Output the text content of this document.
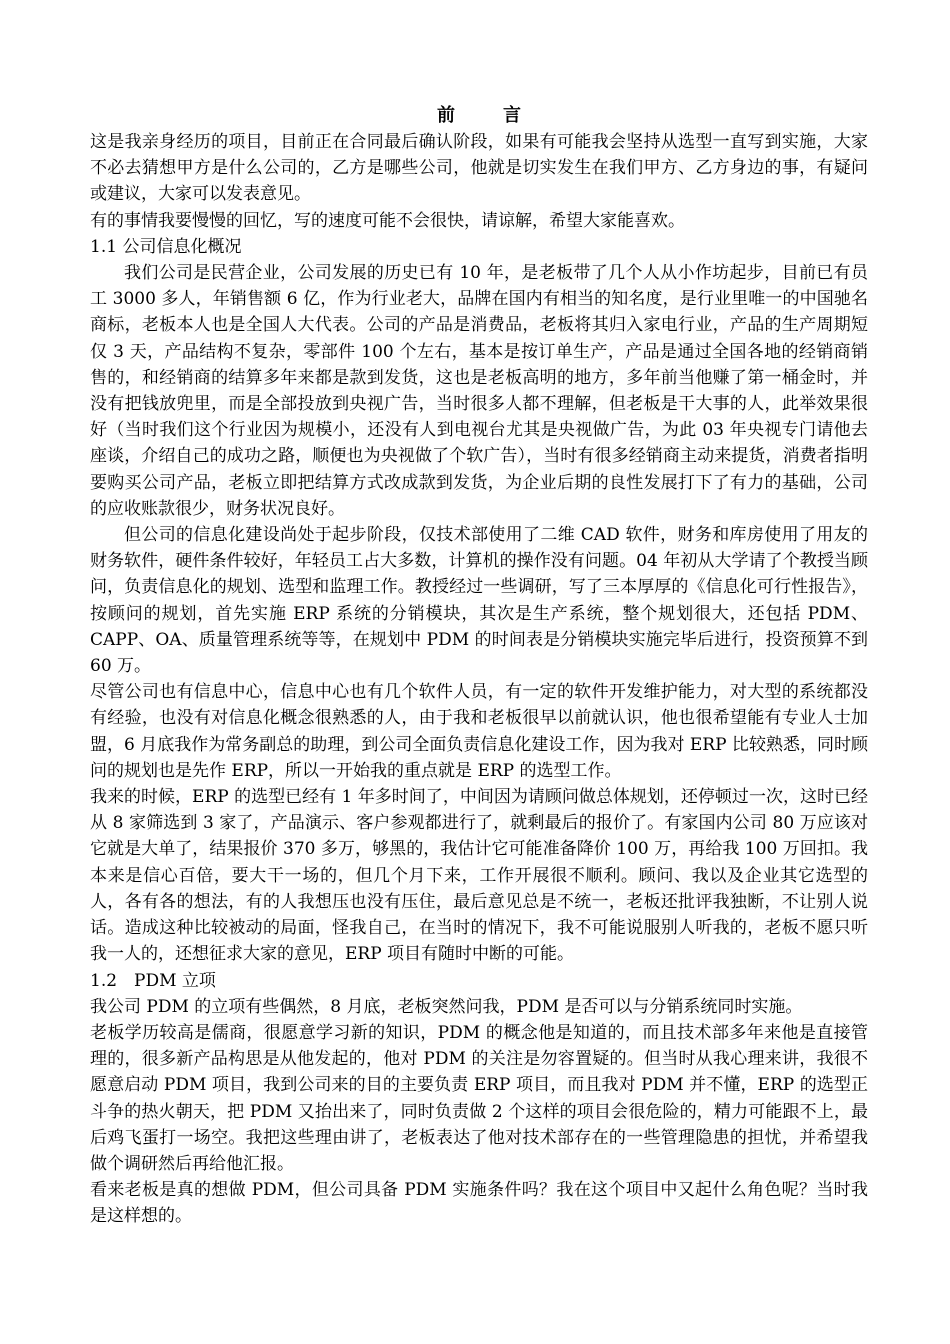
前言

这是我亲身经历的项目，目前正在合同最后确认阶段，如果有可能我会坚持从选型一直写到实施，大家不必去猜想甲方是什么公司的，乙方是哪些公司，他就是切实发生在我们甲方、乙方身边的事，有疑问或建议，大家可以发表意见。

有的事情我要慢慢的回忆，写的速度可能不会很快，请谅解，希望大家能喜欢。

1.1 公司信息化概况

我们公司是民营企业，公司发展的历史已有 10 年，是老板带了几个人从小作坊起步，目前已有员工 3000 多人，年销售额 6 亿，作为行业老大，品牌在国内有相当的知名度，是行业里唯一的中国驰名商标，老板本人也是全国人大代表。公司的产品是消费品，老板将其归入家电行业，产品的生产周期短仅 3 天，产品结构不复杂，零部件 100 个左右，基本是按订单生产，产品是通过全国各地的经销商销售的，和经销商的结算多年来都是款到发货，这也是老板高明的地方，多年前当他赚了第一桶金时，并没有把钱放兜里，而是全部投放到央视广告，当时很多人都不理解，但老板是干大事的人，此举效果很好（当时我们这个行业因为规模小，还没有人到电视台尤其是央视做广告，为此 03 年央视专门请他去座谈，介绍自己的成功之路，顺便也为央视做了个软广告），当时有很多经销商主动来提货，消费者指明要购买公司产品，老板立即把结算方式改成款到发货，为企业后期的良性发展打下了有力的基础，公司的应收账款很少，财务状况良好。

但公司的信息化建设尚处于起步阶段，仅技术部使用了二维 CAD 软件，财务和库房使用了用友的财务软件，硬件条件较好，年轻员工占大多数，计算机的操作没有问题。04 年初从大学请了个教授当顾问，负责信息化的规划、选型和监理工作。教授经过一些调研，写了三本厚厚的《信息化可行性报告》，按顾问的规划，首先实施 ERP 系统的分销模块，其次是生产系统，整个规划很大，还包括 PDM、CAPP、OA、质量管理系统等等，在规划中 PDM 的时间表是分销模块实施完毕后进行，投资预算不到 60 万。

尽管公司也有信息中心，信息中心也有几个软件人员，有一定的软件开发维护能力，对大型的系统都没有经验，也没有对信息化概念很熟悉的人，由于我和老板很早以前就认识，他也很希望能有专业人士加盟，6 月底我作为常务副总的助理，到公司全面负责信息化建设工作，因为我对 ERP 比较熟悉，同时顾问的规划也是先作 ERP，所以一开始我的重点就是 ERP 的选型工作。

我来的时候，ERP 的选型已经有 1 年多时间了，中间因为请顾问做总体规划，还停顿过一次，这时已经从 8 家筛选到 3 家了，产品演示、客户参观都进行了，就剩最后的报价了。有家国内公司 80 万应该对它就是大单了，结果报价 370 多万，够黑的，我估计它可能准备降价 100 万，再给我 100 万回扣。我本来是信心百倍，要大干一场的，但几个月下来，工作开展很不顺利。顾问、我以及企业其它选型的人，各有各的想法，有的人我想压也没有压住，最后意见总是不统一，老板还批评我独断，不让别人说话。造成这种比较被动的局面，怪我自己，在当时的情况下，我不可能说服别人听我的，老板不愿只听我一人的，还想征求大家的意见，ERP 项目有随时中断的可能。

1.2　PDM 立项

我公司 PDM 的立项有些偶然，8 月底，老板突然问我，PDM 是否可以与分销系统同时实施。

老板学历较高是儒商，很愿意学习新的知识，PDM 的概念他是知道的，而且技术部多年来他是直接管理的，很多新产品构思是从他发起的，他对 PDM 的关注是勿容置疑的。但当时从我心理来讲，我很不愿意启动 PDM 项目，我到公司来的目的主要负责 ERP 项目，而且我对 PDM 并不懂，ERP 的选型正斗争的热火朝天，把 PDM 又抬出来了，同时负责做 2 个这样的项目会很危险的，精力可能跟不上，最后鸡飞蛋打一场空。我把这些理由讲了，老板表达了他对技术部存在的一些管理隐患的担忧，并希望我做个调研然后再给他汇报。

看来老板是真的想做 PDM，但公司具备 PDM 实施条件吗？我在这个项目中又起什么角色呢？当时我是这样想的。
